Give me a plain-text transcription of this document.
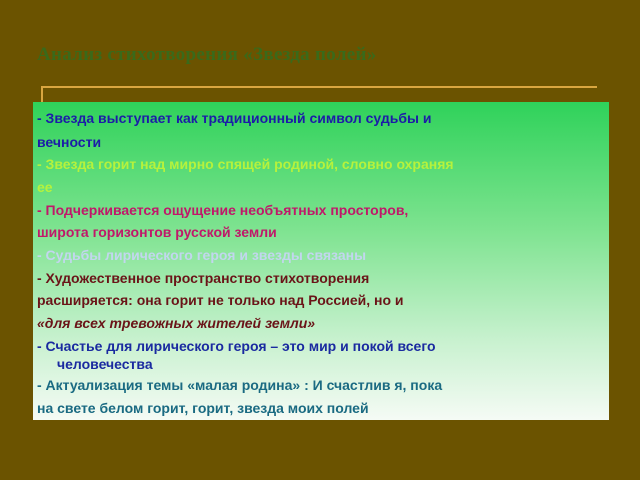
Анализ стихотворения «Звезда полей»
- Звезда выступает как традиционный символ судьбы и
вечности
- Звезда горит над мирно спящей родиной, словно охраняя
ее
- Подчеркивается ощущение необъятных просторов,
широта горизонтов русской земли
- Судьбы лирического героя и звезды связаны
- Художественное пространство стихотворения
расширяется: она горит не только над Россией, но и
«для всех тревожных жителей земли»
- Счастье для лирического героя – это мир и покой всего
человечества
- Актуализация темы «малая родина» : И счастлив я, пока
на свете белом горит, горит, звезда моих полей
